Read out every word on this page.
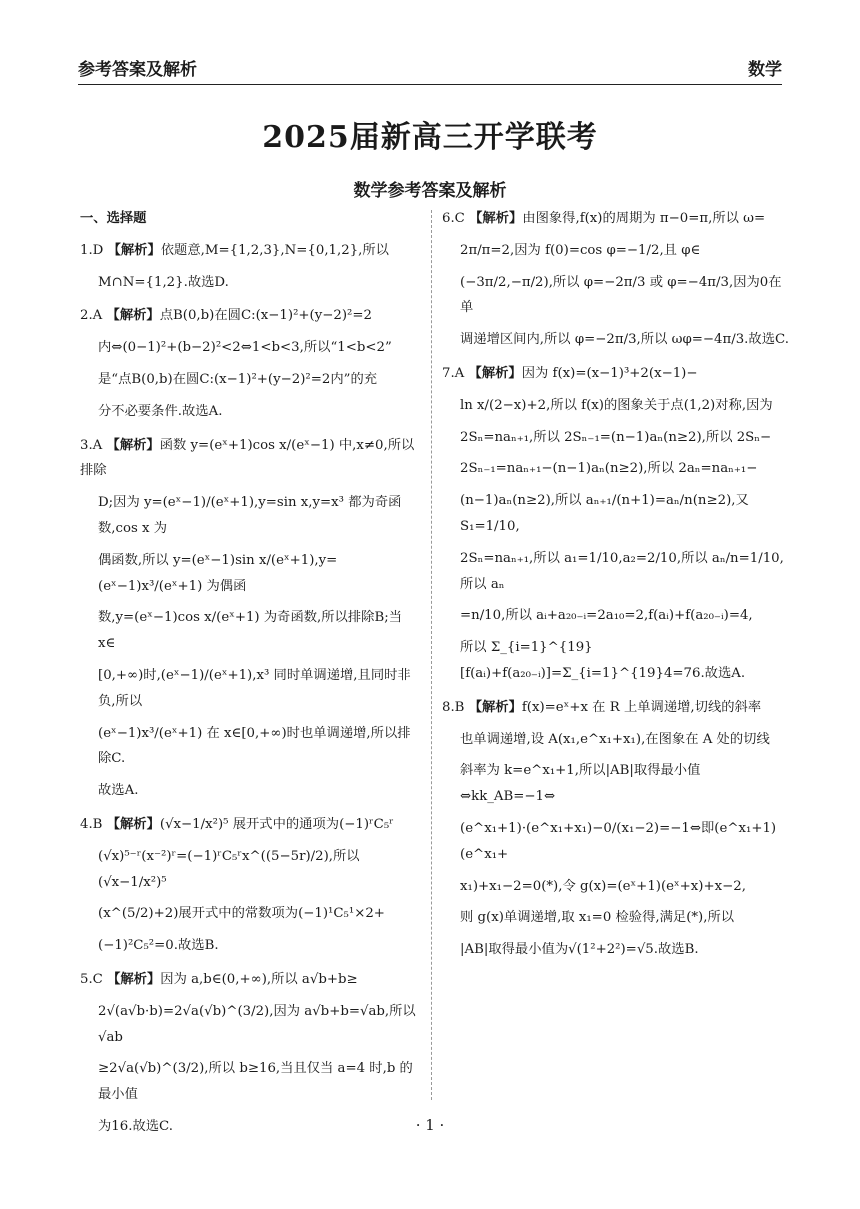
参考答案及解析	数学
2025届新高三开学联考
数学参考答案及解析
一、选择题

1.D 【解析】依题意,M={1,2,3},N={0,1,2},所以

M∩N={1,2}.故选D.

2.A 【解析】点B(0,b)在圆C:(x−1)²+(y−2)²=2

内⇔(0−1)²+(b−2)²<2⇔1<b<3,所以“1<b<2”

是“点B(0,b)在圆C:(x−1)²+(y−2)²=2内”的充

分不必要条件.故选A.

3.A 【解析】函数 y=(eˣ+1)cos x/(eˣ−1) 中,x≠0,所以排除

D;因为 y=(eˣ−1)/(eˣ+1),y=sin x,y=x³ 都为奇函数,cos x 为

偶函数,所以 y=(eˣ−1)sin x/(eˣ+1),y=(eˣ−1)x³/(eˣ+1) 为偶函

数,y=(eˣ−1)cos x/(eˣ+1) 为奇函数,所以排除B;当 x∈

[0,+∞)时,(eˣ−1)/(eˣ+1),x³ 同时单调递增,且同时非负,所以

(eˣ−1)x³/(eˣ+1) 在 x∈[0,+∞)时也单调递增,所以排除C.

故选A.

4.B 【解析】(√x−1/x²)⁵ 展开式中的通项为(−1)ʳC₅ʳ

(√x)⁵⁻ʳ(x⁻²)ʳ=(−1)ʳC₅ʳx^((5−5r)/2),所以(√x−1/x²)⁵

(x^(5/2)+2)展开式中的常数项为(−1)¹C₅¹×2+

(−1)²C₅²=0.故选B.

5.C 【解析】因为 a,b∈(0,+∞),所以 a√b+b≥

2√(a√b·b)=2√a(√b)^(3/2),因为 a√b+b=√ab,所以√ab

≥2√a(√b)^(3/2),所以 b≥16,当且仅当 a=4 时,b 的最小值

为16.故选C.

6.C 【解析】由图象得,f(x)的周期为 π−0=π,所以 ω=

2π/π=2,因为 f(0)=cos φ=−1/2,且 φ∈

(−3π/2,−π/2),所以 φ=−2π/3 或 φ=−4π/3,因为0在单

调递增区间内,所以 φ=−2π/3,所以 ωφ=−4π/3.故选C.

7.A 【解析】因为 f(x)=(x−1)³+2(x−1)−

ln x/(2−x)+2,所以 f(x)的图象关于点(1,2)对称,因为

2Sₙ=naₙ₊₁,所以 2Sₙ₋₁=(n−1)aₙ(n≥2),所以 2Sₙ−

2Sₙ₋₁=naₙ₊₁−(n−1)aₙ(n≥2),所以 2aₙ=naₙ₊₁−

(n−1)aₙ(n≥2),所以 aₙ₊₁/(n+1)=aₙ/n(n≥2),又 S₁=1/10,

2Sₙ=naₙ₊₁,所以 a₁=1/10,a₂=2/10,所以 aₙ/n=1/10,所以 aₙ

=n/10,所以 aᵢ+a₂₀₋ᵢ=2a₁₀=2,f(aᵢ)+f(a₂₀₋ᵢ)=4,

所以 Σ_{i=1}^{19}[f(aᵢ)+f(a₂₀₋ᵢ)]=Σ_{i=1}^{19}4=76.故选A.

8.B 【解析】f(x)=eˣ+x 在 R 上单调递增,切线的斜率

也单调递增,设 A(x₁,e^x₁+x₁),在图象在 A 处的切线

斜率为 k=e^x₁+1,所以|AB|取得最小值⇔kk_AB=−1⇔

(e^x₁+1)·(e^x₁+x₁)−0/(x₁−2)=−1⇔即(e^x₁+1)(e^x₁+

x₁)+x₁−2=0(*),令 g(x)=(eˣ+1)(eˣ+x)+x−2,

则 g(x)单调递增,取 x₁=0 检验得,满足(*),所以

|AB|取得最小值为√(1²+2²)=√5.故选B.

· 1 ·
